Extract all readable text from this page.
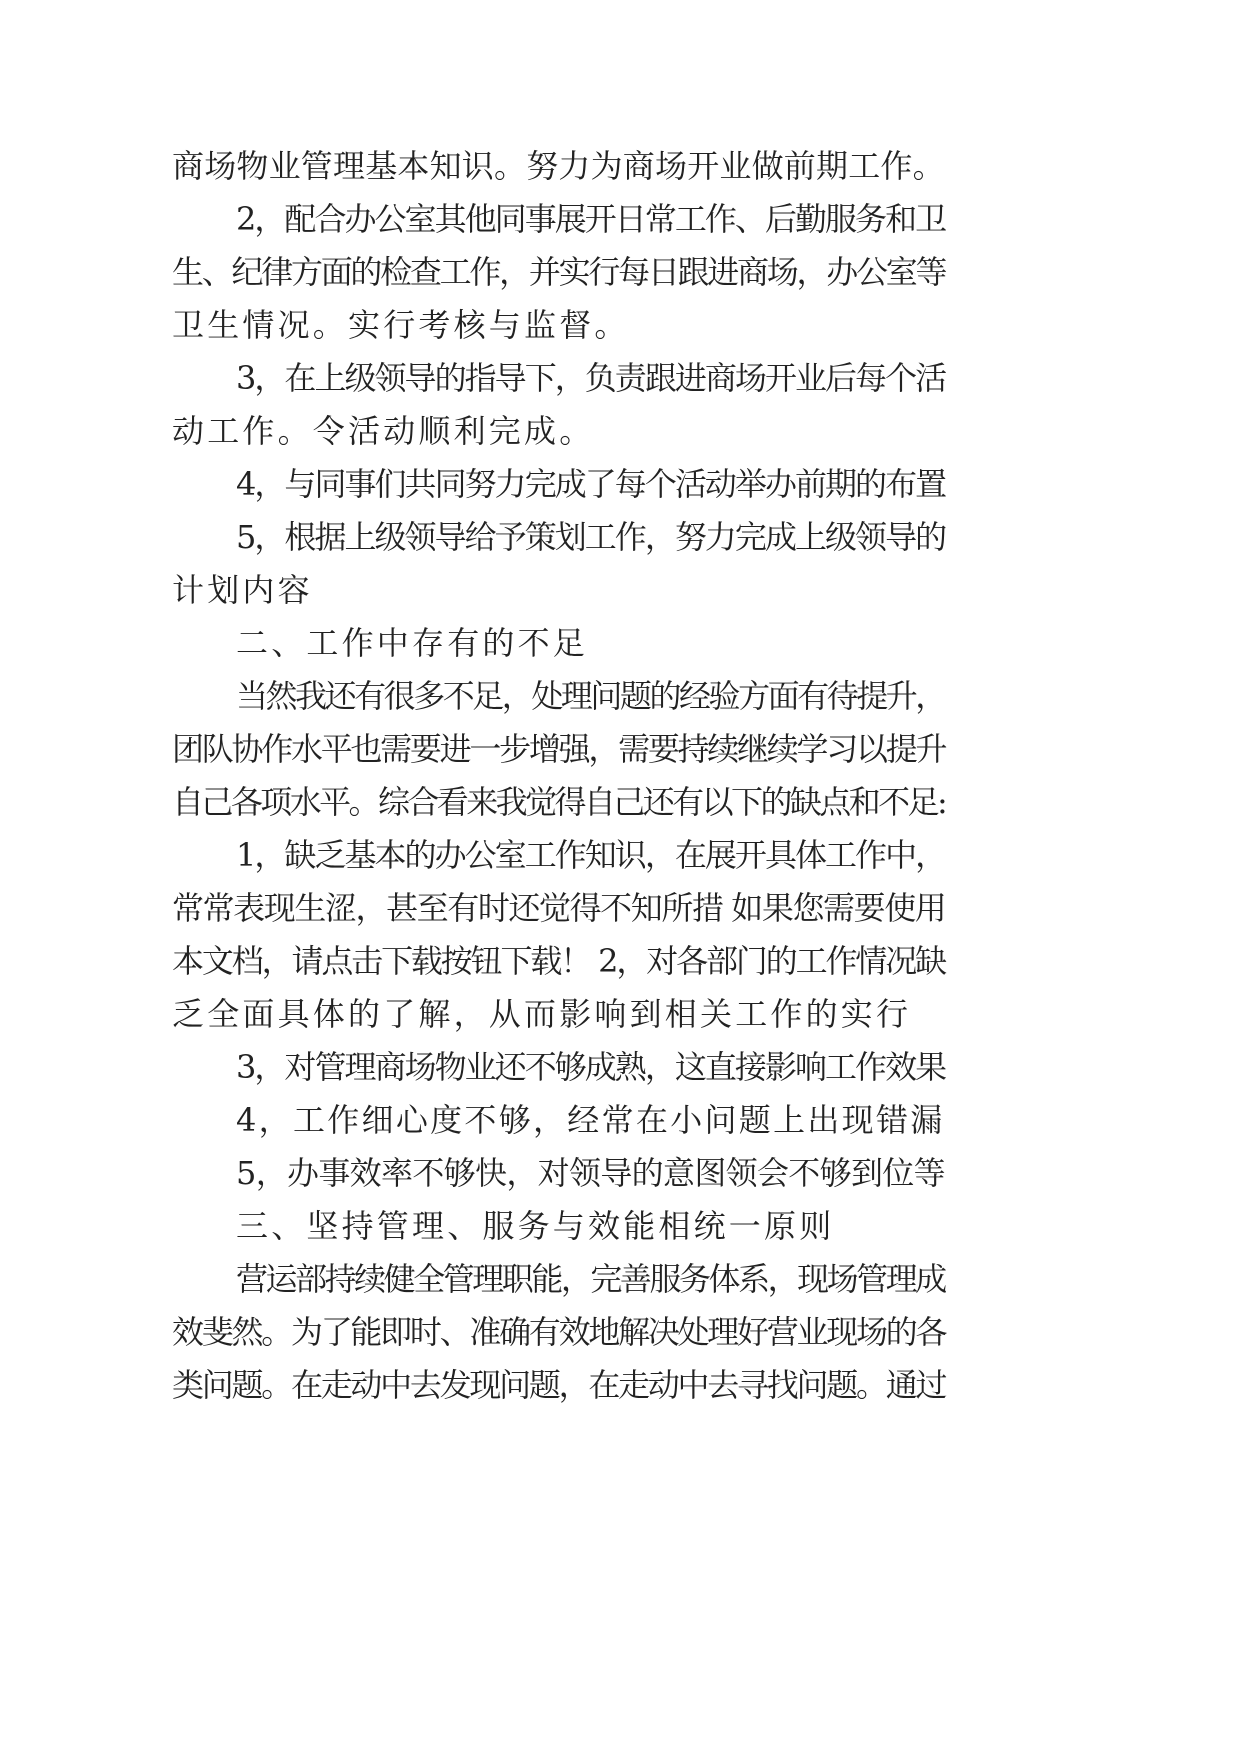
商场物业管理基本知识。努力为商场开业做前期工作。
2，配合办公室其他同事展开日常工作、后勤服务和卫
生、纪律方面的检查工作，并实行每日跟进商场，办公室等
卫生情况。实行考核与监督。
3，在上级领导的指导下，负责跟进商场开业后每个活
动工作。令活动顺利完成。
4，与同事们共同努力完成了每个活动举办前期的布置
5，根据上级领导给予策划工作，努力完成上级领导的
计划内容
二、工作中存有的不足
当然我还有很多不足，处理问题的经验方面有待提升，
团队协作水平也需要进一步增强，需要持续继续学习以提升
自己各项水平。综合看来我觉得自己还有以下的缺点和不足:
1，缺乏基本的办公室工作知识，在展开具体工作中，
常常表现生涩，甚至有时还觉得不知所措 如果您需要使用
本文档，请点击下载按钮下载！ 2，对各部门的工作情况缺
乏全面具体的了解，从而影响到相关工作的实行
3，对管理商场物业还不够成熟，这直接影响工作效果
4，工作细心度不够，经常在小问题上出现错漏
5，办事效率不够快，对领导的意图领会不够到位等
三、坚持管理、服务与效能相统一原则
营运部持续健全管理职能，完善服务体系，现场管理成
效斐然。为了能即时、准确有效地解决处理好营业现场的各
类问题。在走动中去发现问题，在走动中去寻找问题。通过
